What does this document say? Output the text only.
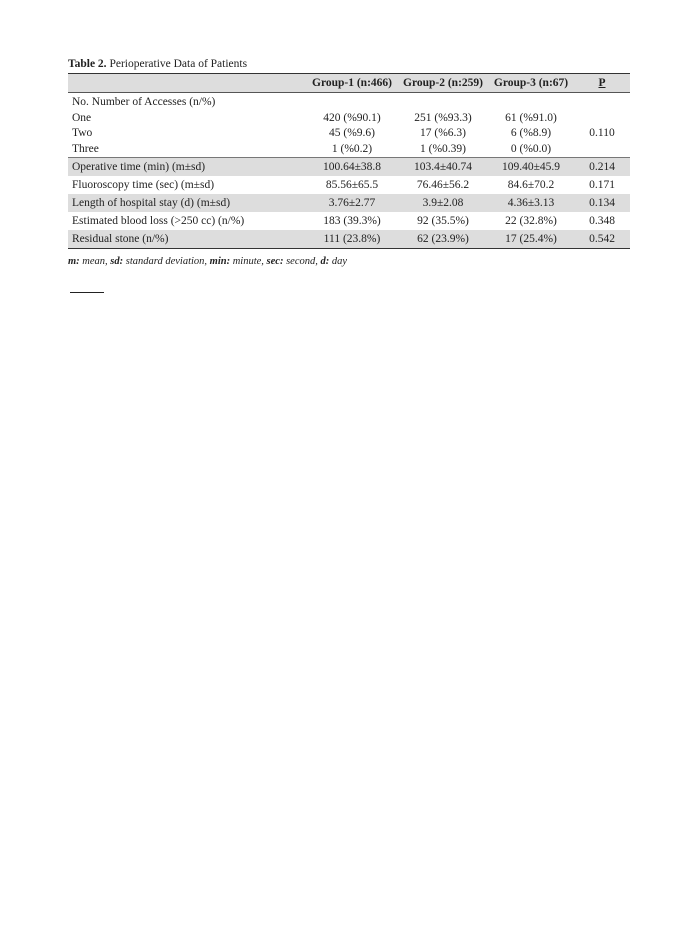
Table 2. Perioperative Data of Patients

	Group-1 (n:466)	Group-2 (n:259)	Group-3 (n:67)	P
No. Number of Accesses (n/%)				
One	420 (%90.1)	251 (%93.3)	61 (%91.0)	0.110
Two	45 (%9.6)	17 (%6.3)	6 (%8.9)	
Three	1 (%0.2)	1 (%0.39)	0 (%0.0)	
Operative time (min) (m±sd)	100.64±38.8	103.4±40.74	109.40±45.9	0.214
Fluoroscopy time (sec) (m±sd)	85.56±65.5	76.46±56.2	84.6±70.2	0.171
Length of hospital stay (d) (m±sd)	3.76±2.77	3.9±2.08	4.36±3.13	0.134
Estimated blood loss (>250 cc) (n/%)	183 (39.3%)	92 (35.5%)	22 (32.8%)	0.348
Residual stone (n/%)	111 (23.8%)	62 (23.9%)	17 (25.4%)	0.542
m: mean, sd: standard deviation, min: minute, sec: second, d: day
